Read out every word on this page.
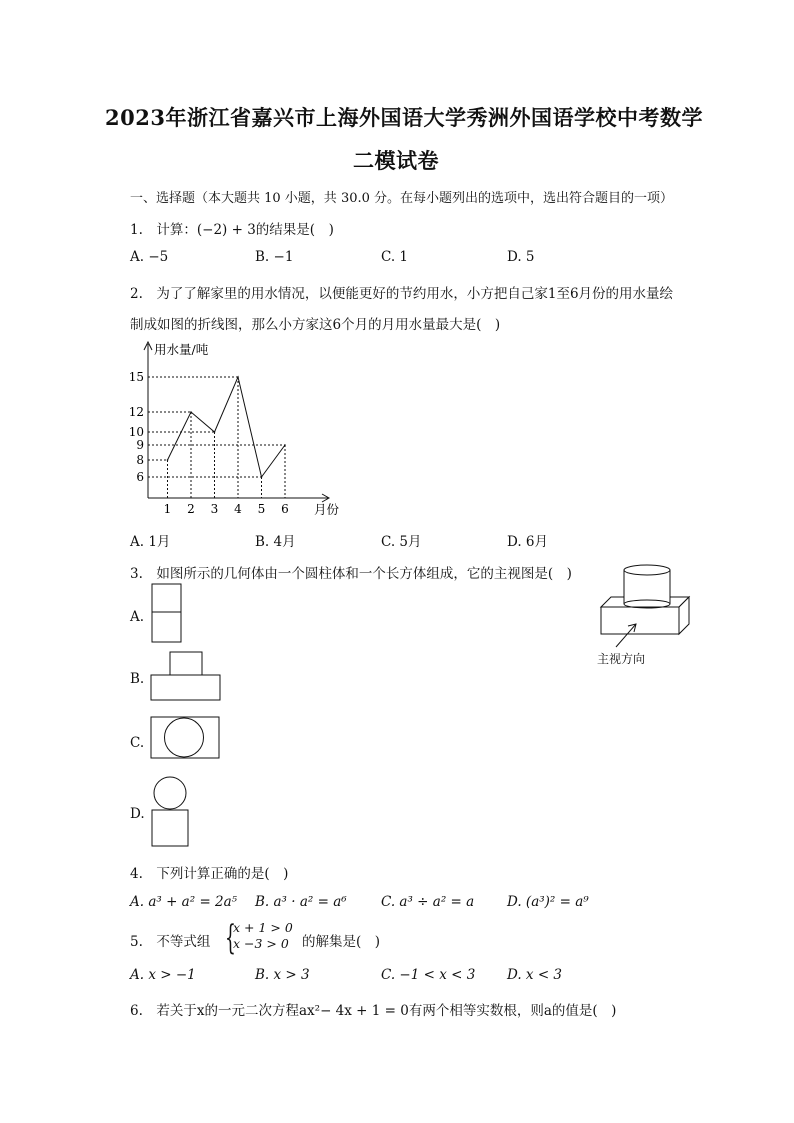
2023年浙江省嘉兴市上海外国语大学秀洲外国语学校中考数学
二模试卷
一、选择题（本大题共 10 小题，共 30.0 分。在每小题列出的选项中，选出符合题目的一项）
1.　计算：(−2) + 3的结果是(　)
A. −5	B. −1	C. 1	D. 5
2.　为了了解家里的用水情况，以便能更好的节约用水，小方把自己家1至6月份的用水量绘
制成如图的折线图，那么小方家这6个月的月用水量最大是(　)
用水量/吨
月份
6
8
9
10
12
15
1 2 3 4 5 6
A. 1月	B. 4月	C. 5月	D. 6月
3.　如图所示的几何体由一个圆柱体和一个长方体组成，它的主视图是(　)
主视方向
A.
B.
C.
D.
4.　下列计算正确的是(　)
A. a³ + a² = 2a⁵ B. a³ · a² = a⁶	C. a³ ÷ a² = a D. (a³)² = a⁹
5.　不等式组 {
x + 1 > 0
x −3 > 0 的解集是(　)
A. x > −1	B. x > 3	C. −1 < x < 3 D. x < 3
6.　若关于x的一元二次方程ax²− 4x + 1 = 0有两个相等实数根，则a的值是(　)
